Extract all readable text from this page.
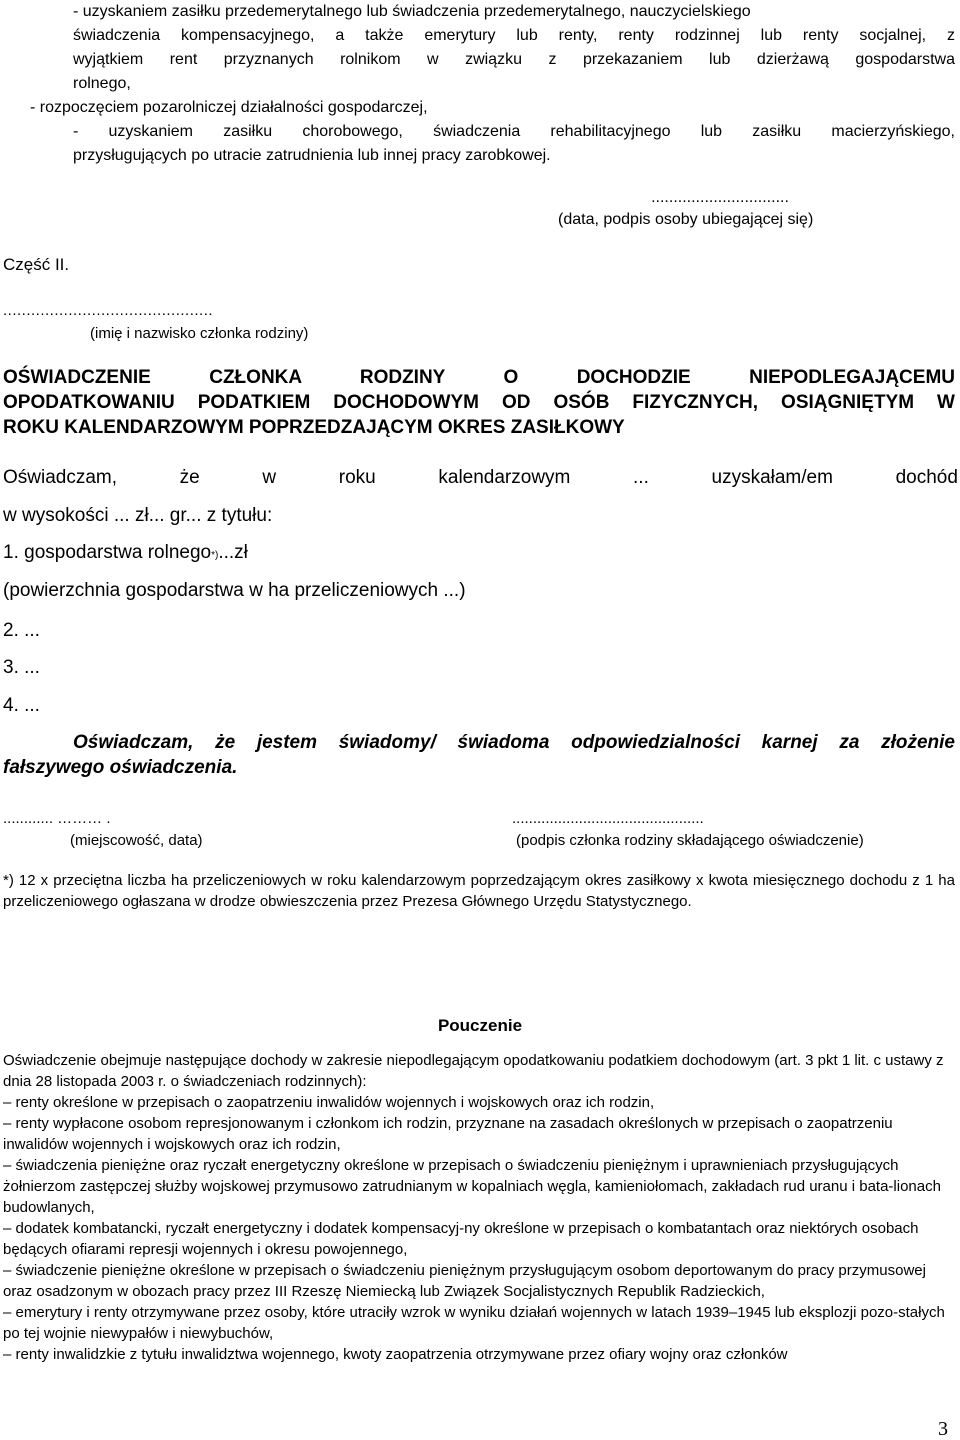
- uzyskaniem zasiłku przedemerytalnego lub świadczenia przedemerytalnego, nauczycielskiego
świadczenia kompensacyjnego, a także emerytury lub renty, renty rodzinnej lub renty socjalnej, z
wyjątkiem rent przyznanych rolnikom w związku z przekazaniem lub dzierżawą gospodarstwa
rolnego,
- rozpoczęciem pozarolniczej działalności gospodarczej,
- uzyskaniem zasiłku chorobowego, świadczenia rehabilitacyjnego lub zasiłku macierzyńskiego,
przysługujących po utracie zatrudnienia lub innej pracy zarobkowej.
...............................
(data, podpis osoby ubiegającej się)
Część II.
.............................................
(imię i nazwisko członka rodziny)
OŚWIADCZENIE CZŁONKA RODZINY O DOCHODZIE NIEPODLEGAJĄCEMU
OPODATKOWANIU PODATKIEM DOCHODOWYM OD OSÓB FIZYCZNYCH, OSIĄGNIĘTYM W
ROKU KALENDARZOWYM POPRZEDZAJĄCYM OKRES ZASIŁKOWY
Oświadczam,	że	w	roku	kalendarzowym	...	uzyskałam/em	dochód
w wysokości ... zł... gr... z tytułu:
1. gospodarstwa rolnego*)...zł
(powierzchnia gospodarstwa w ha przeliczeniowych ...)
2. ...
3. ...
4. ...
Oświadczam, że jestem świadomy/ świadoma odpowiedzialności karnej za złożenie
fałszywego oświadczenia.
............ ……… .
(miejscowość, data)
..............................................
(podpis członka rodziny składającego oświadczenie)
*) 12 x przeciętna liczba ha przeliczeniowych w roku kalendarzowym poprzedzającym okres zasiłkowy x kwota miesięcznego dochodu z 1 ha przeliczeniowego ogłaszana w drodze obwieszczenia przez Prezesa Głównego Urzędu Statystycznego.
Pouczenie
Oświadczenie obejmuje następujące dochody w zakresie niepodlegającym opodatkowaniu podatkiem dochodowym (art. 3 pkt 1 lit. c ustawy z dnia 28 listopada 2003 r. o świadczeniach rodzinnych):
– renty określone w przepisach o zaopatrzeniu inwalidów wojennych i wojskowych oraz ich rodzin,
– renty wypłacone osobom represjonowanym i członkom ich rodzin, przyznane na zasadach określonych w przepisach o zaopatrzeniu inwalidów wojennych i wojskowych oraz ich rodzin,
– świadczenia pieniężne oraz ryczałt energetyczny określone w przepisach o świadczeniu pieniężnym i uprawnieniach przysługujących żołnierzom zastępczej służby wojskowej przymusowo zatrudnianym w kopalniach węgla, kamieniołomach, zakładach rud uranu i bata-lionach budowlanych,
– dodatek kombatancki, ryczałt energetyczny i dodatek kompensacyj-ny określone w przepisach o kombatantach oraz niektórych osobach będących ofiarami represji wojennych i okresu powojennego,
– świadczenie pieniężne określone w przepisach o świadczeniu pieniężnym przysługującym osobom deportowanym do pracy przymusowej oraz osadzonym w obozach pracy przez III Rzeszę Niemiecką lub Związek Socjalistycznych Republik Radzieckich,
– emerytury i renty otrzymywane przez osoby, które utraciły wzrok w wyniku działań wojennych w latach 1939–1945 lub eksplozji pozo-stałych po tej wojnie niewypałów i niewybuchów,
– renty inwalidzkie z tytułu inwalidztwa wojennego, kwoty zaopatrzenia otrzymywane przez ofiary wojny oraz członków
3
